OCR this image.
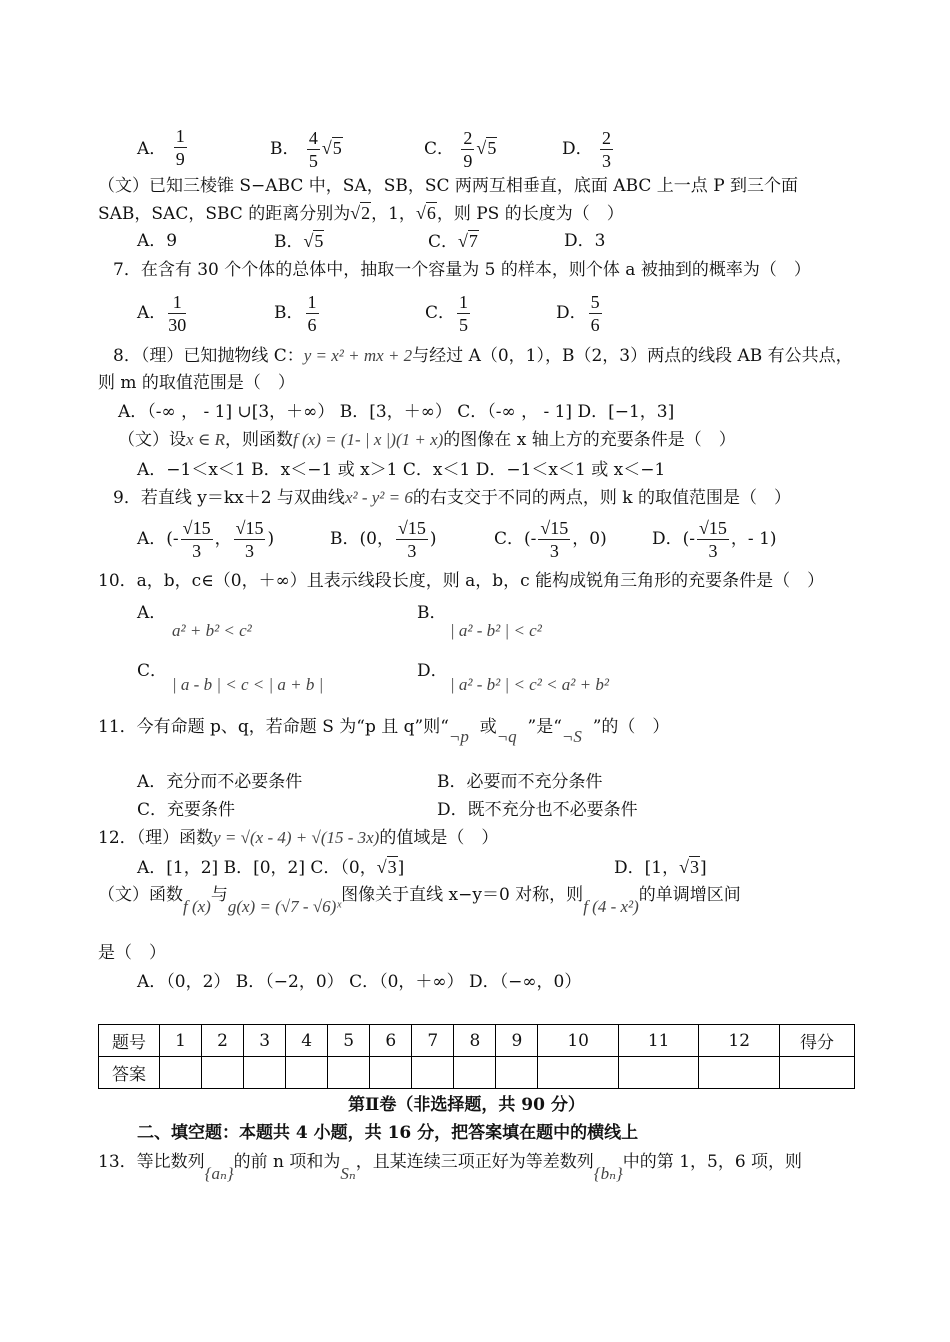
A． $\frac{1}{9}$	B． $\frac{4}{5} √5$	C． $\frac{2}{9} √5$	D． $\frac{2}{3}$
（文）已知三棱锥 S−ABC 中，SA，SB，SC 两两互相垂直，底面 ABC 上一点 P 到三个面
SAB，SAC，SBC 的距离分别为√2，1，√6，则 PS 的长度为（　）
A．9	B．√5	C．√7	D．3
7．在含有 30 个个体的总体中，抽取一个容量为 5 的样本，则个体 a 被抽到的概率为（　）
A． $\frac{1}{30}$	B． $\frac{1}{6}$	C． $\frac{1}{5}$	D． $\frac{5}{6}$
8．（理）已知抛物线 C：y = x² + mx + 2与经过 A（0，1），B（2，3）两点的线段 AB 有公共点，
则 m 的取值范围是（　）
A．（-∞ ， - 1] ∪[3，＋∞） B．[3，＋∞） C．（-∞ ， - 1] D．[−1，3]
（文）设x ∈ R，则函数f (x) = (1- | x |)(1 + x)的图像在 x 轴上方的充要条件是（　）
A．−1＜x＜1 B．x＜−1 或 x＞1 C．x＜1 D．−1＜x＜1 或 x＜−1
9．若直线 y＝kx＋2 与双曲线x² - y² = 6的右支交于不同的两点，则 k 的取值范围是（　）
A．(- $\frac{√15}{3}$ ， $\frac{√15}{3}$ )	B．(0， $\frac{√15}{3}$ )	C．(- $\frac{√15}{3}$ ，0)	D．(- $\frac{√15}{3}$ ，- 1)
10．a，b，c∈（0，＋∞）且表示线段长度，则 a，b，c 能构成锐角三角形的充要条件是（　）
A．
a² + b² < c²
B．
| a² - b² | < c²
C．
| a - b | < c < | a + b |
D．
| a² - b² | < c² < a² + b²
11．今有命题 p、q，若命题 S 为“p 且 q”则“¬p 或¬q ”是“¬S ”的（　）
A．充分而不必要条件	B．必要而不充分条件
C．充要条件	D．既不充分也不必要条件
12．（理）函数y = √(x - 4) + √(15 - 3x)的值域是（　）
A．[1，2] B．[0，2] C．（0，√3]	D．[1，√3]
（文）函数f (x)与g(x) = (√7 - √6)ˣ图像关于直线 x−y＝0 对称，则f (4 - x²)的单调增区间
是（　）
A．（0，2） B．（−2，0） C．（0，＋∞） D．（−∞，0）
题号	1	2	3	4	5	6	7	8	9	10	11	12	得分
答案													
第Ⅱ卷（非选择题，共 90 分）
二、填空题：本题共 4 小题，共 16 分，把答案填在题中的横线上
13．等比数列{aₙ}的前 n 项和为Sₙ，且某连续三项正好为等差数列{bₙ}中的第 1，5，6 项，则
